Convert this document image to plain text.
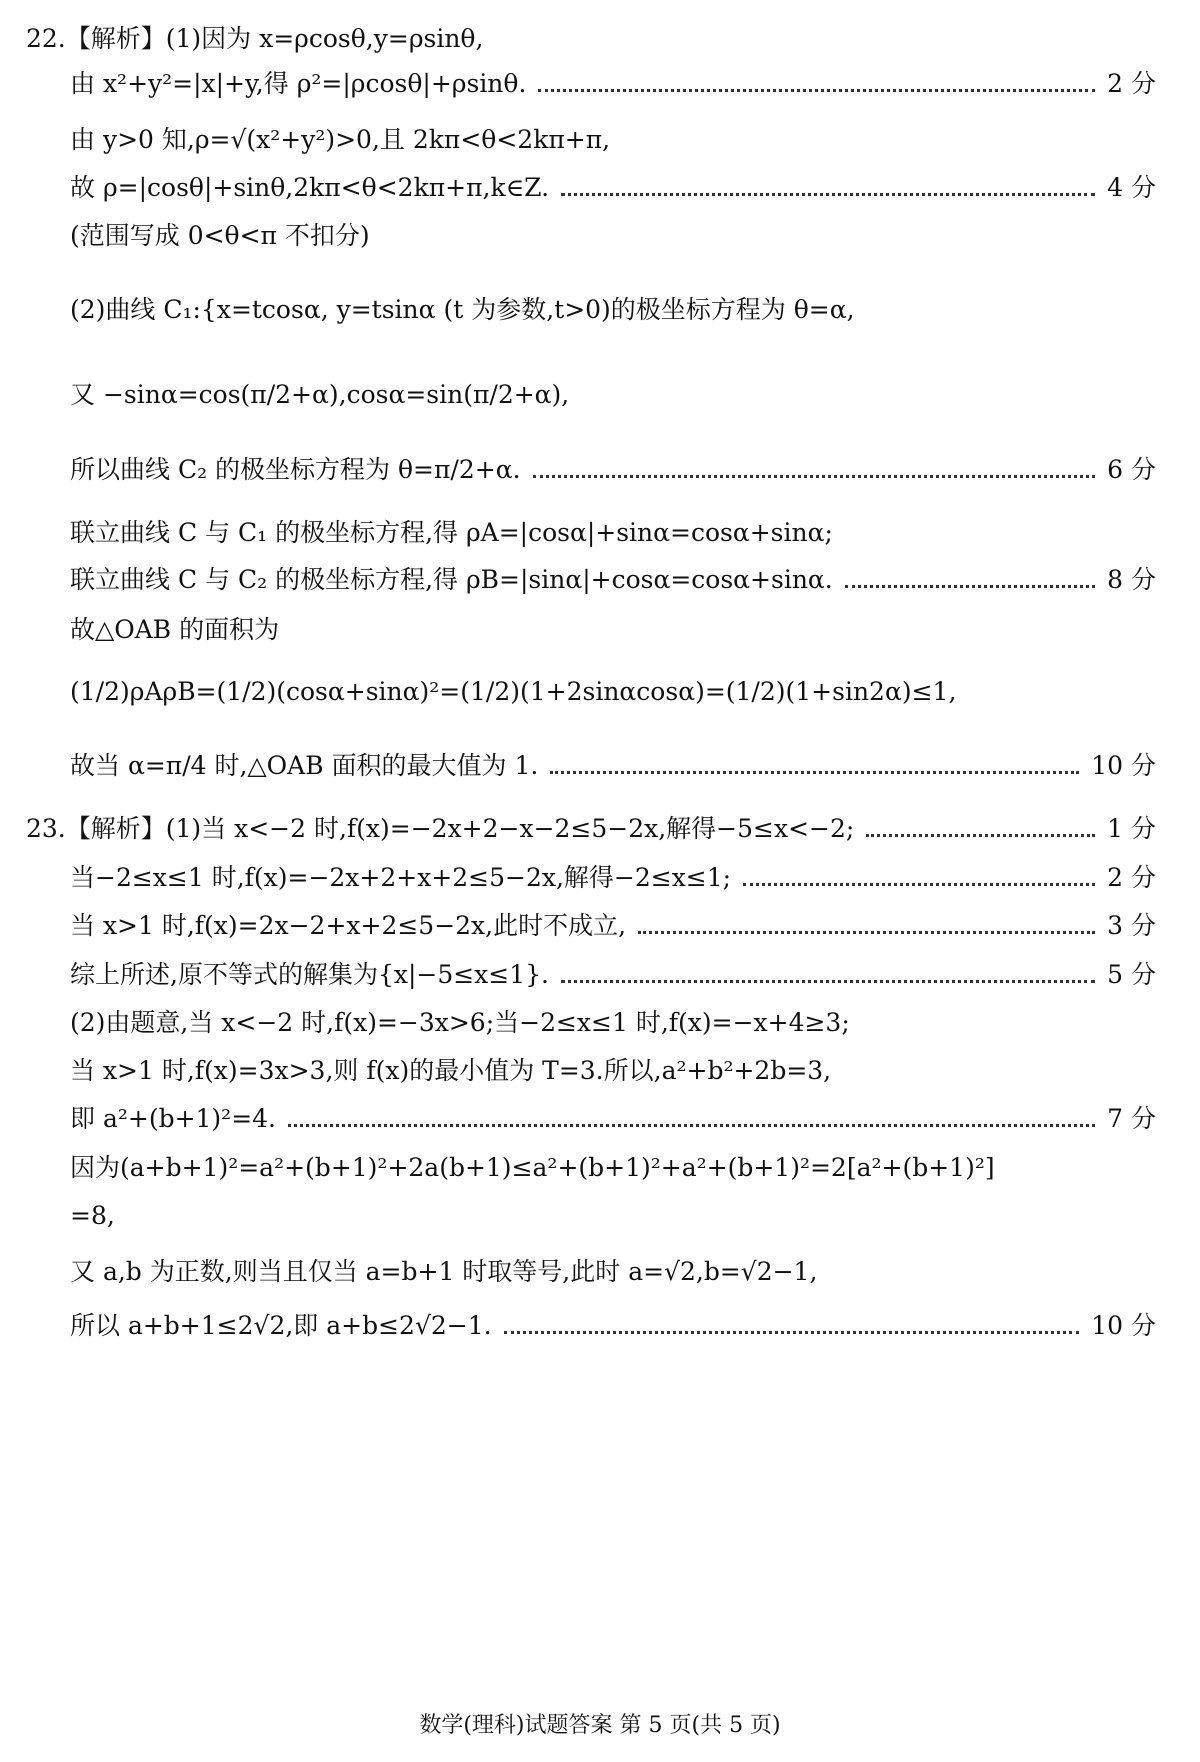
22.【解析】(1)因为 x=ρcosθ,y=ρsinθ,
由 x²+y²=|x|+y,得 ρ²=|ρcosθ|+ρsinθ.	2 分
由 y>0 知,ρ=√(x²+y²)>0,且 2kπ<θ<2kπ+π,
故 ρ=|cosθ|+sinθ,2kπ<θ<2kπ+π,k∈Z.	4 分
(范围写成 0<θ<π 不扣分)
(2)曲线 C₁:{x=tcosα, y=tsinα (t 为参数,t>0)的极坐标方程为 θ=α,
又 −sinα=cos(π/2+α),cosα=sin(π/2+α),
所以曲线 C₂ 的极坐标方程为 θ=π/2+α.	6 分
联立曲线 C 与 C₁ 的极坐标方程,得 ρA=|cosα|+sinα=cosα+sinα;
联立曲线 C 与 C₂ 的极坐标方程,得 ρB=|sinα|+cosα=cosα+sinα.	8 分
故△OAB 的面积为
(1/2)ρAρB=(1/2)(cosα+sinα)²=(1/2)(1+2sinαcosα)=(1/2)(1+sin2α)≤1,
故当 α=π/4 时,△OAB 面积的最大值为 1.	10 分
23.【解析】(1)当 x<−2 时,f(x)=−2x+2−x−2≤5−2x,解得−5≤x<−2;	1 分
当−2≤x≤1 时,f(x)=−2x+2+x+2≤5−2x,解得−2≤x≤1;	2 分
当 x>1 时,f(x)=2x−2+x+2≤5−2x,此时不成立,	3 分
综上所述,原不等式的解集为{x|−5≤x≤1}.	5 分
(2)由题意,当 x<−2 时,f(x)=−3x>6;当−2≤x≤1 时,f(x)=−x+4≥3;
当 x>1 时,f(x)=3x>3,则 f(x)的最小值为 T=3.所以,a²+b²+2b=3,
即 a²+(b+1)²=4.	7 分
因为(a+b+1)²=a²+(b+1)²+2a(b+1)≤a²+(b+1)²+a²+(b+1)²=2[a²+(b+1)²]
=8,
又 a,b 为正数,则当且仅当 a=b+1 时取等号,此时 a=√2,b=√2−1,
所以 a+b+1≤2√2,即 a+b≤2√2−1.	10 分
数学(理科)试题答案 第 5 页(共 5 页)
